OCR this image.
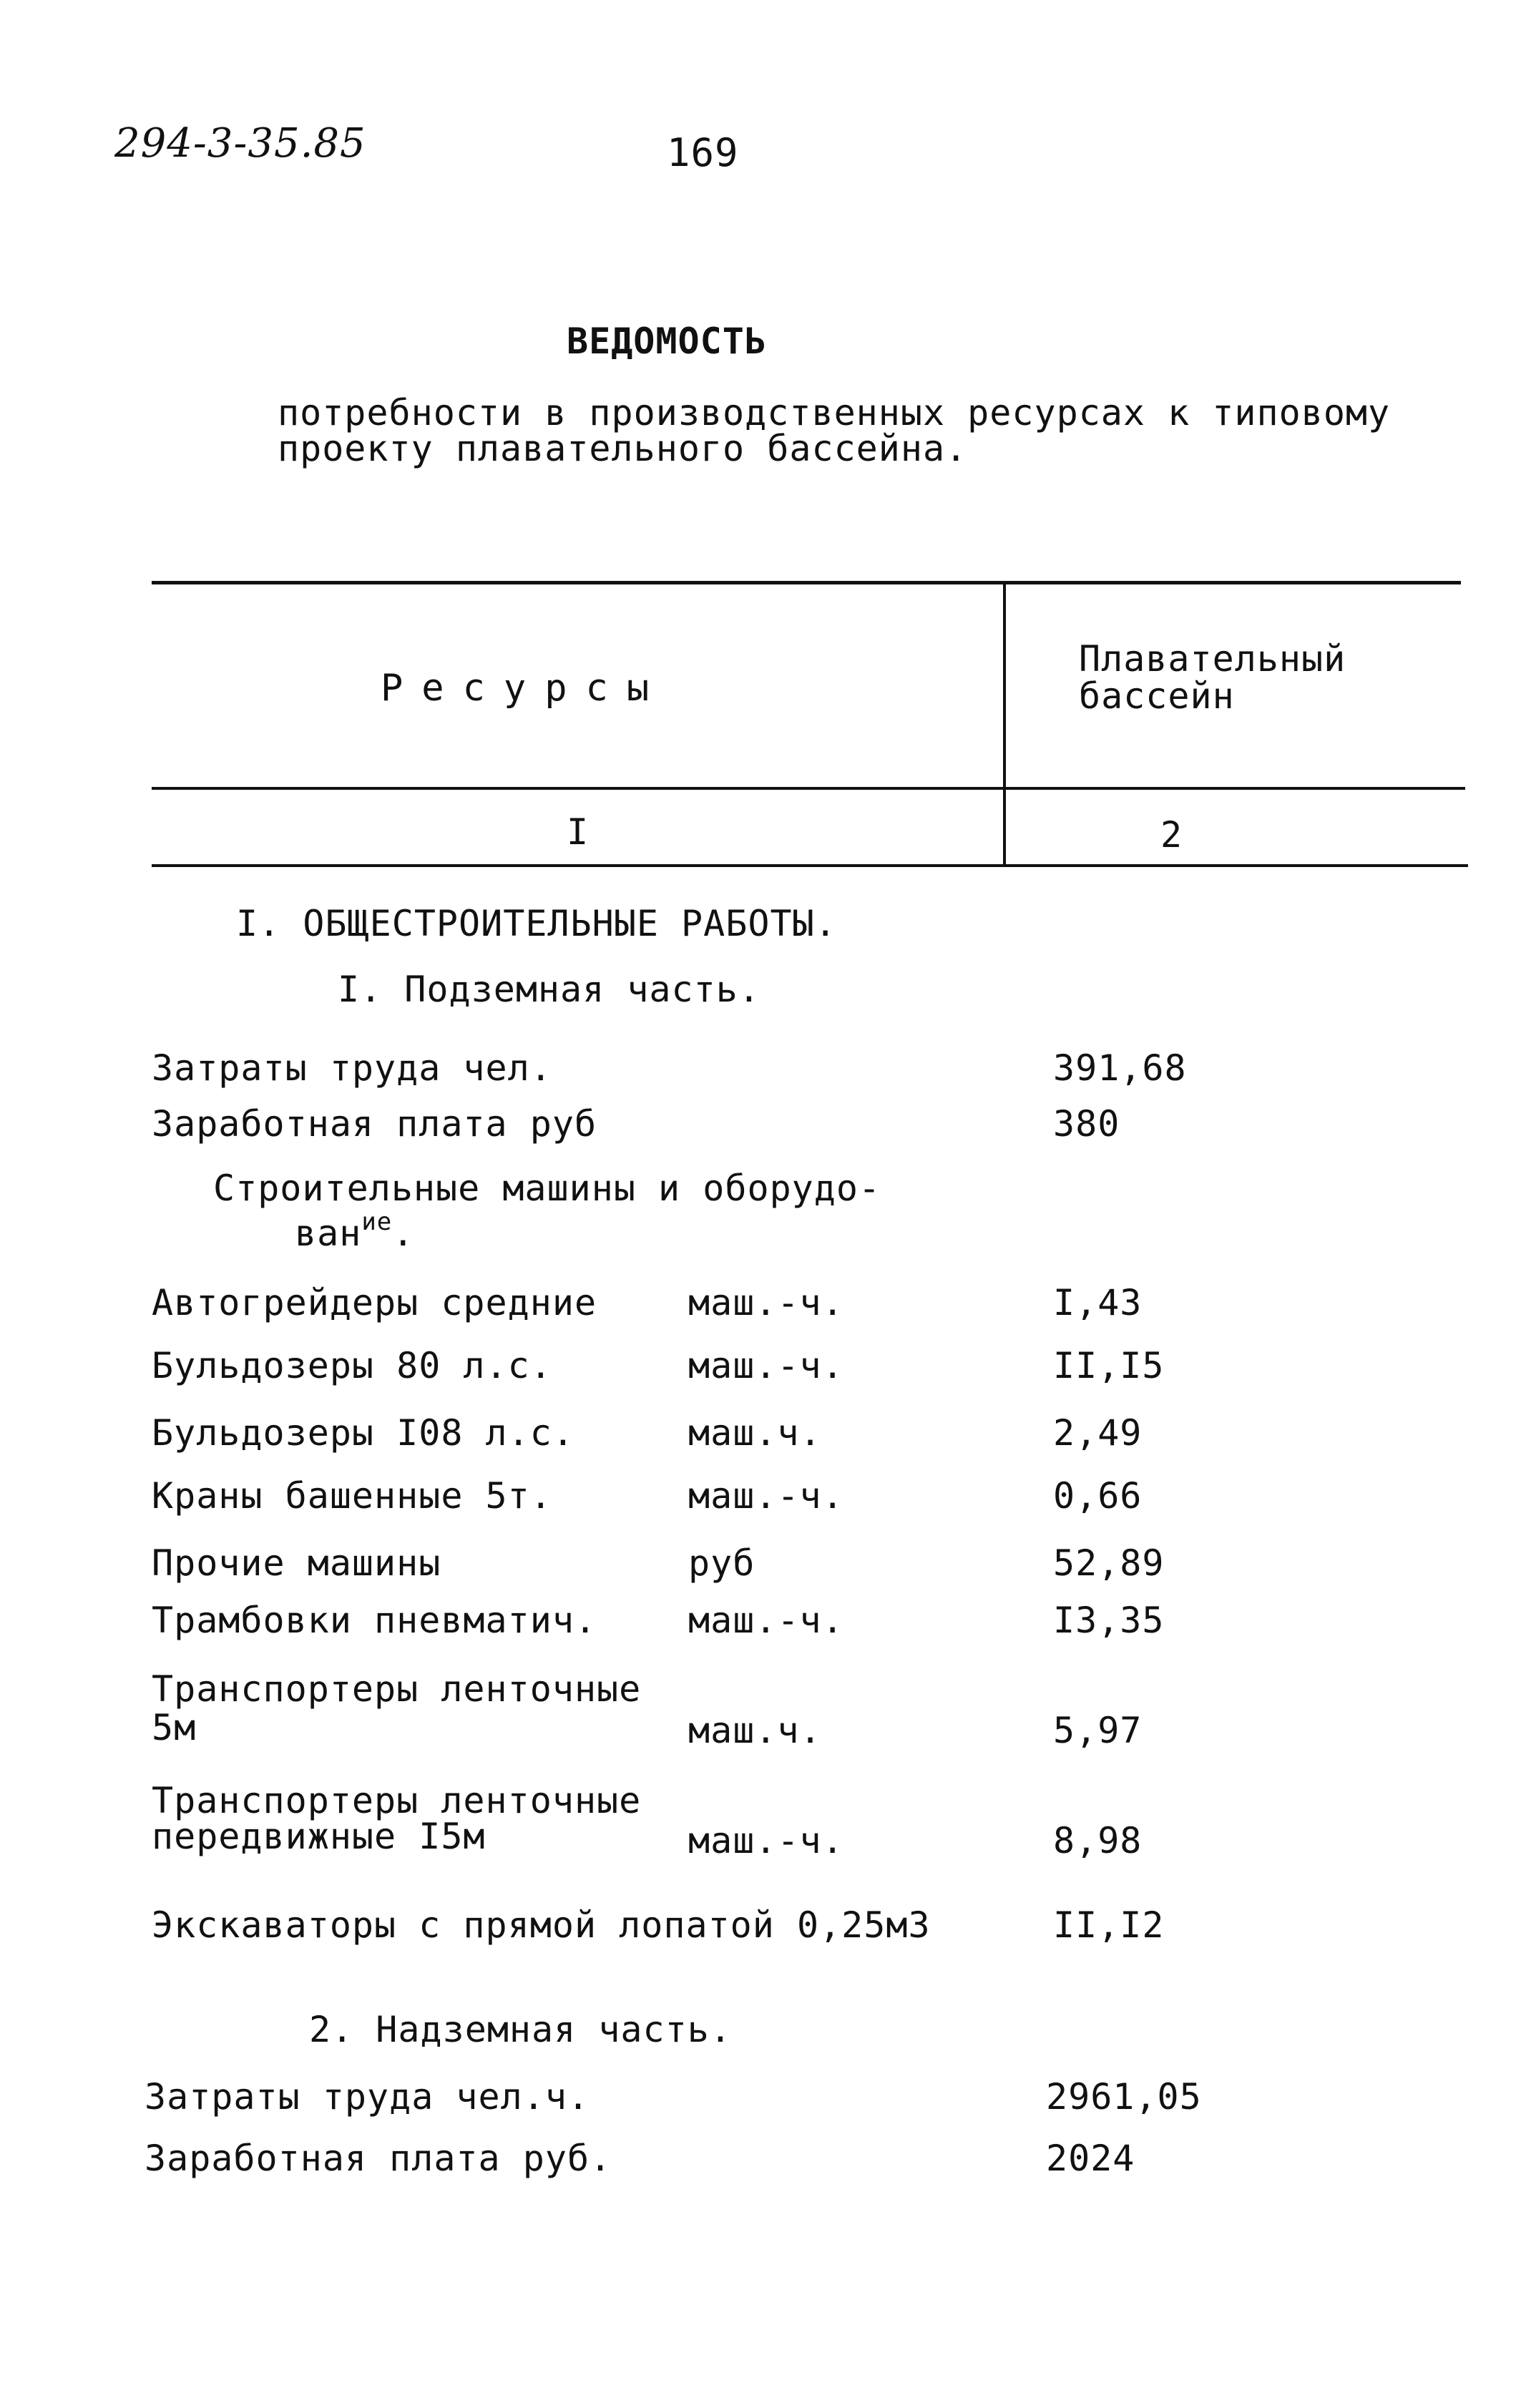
294-3-35.85	169
ВЕДОМОСТЬ
потребности в производственных ресурсах к типовому
проекту плавательного бассейна.
Ресурсы
Плавательный
бассейн
I	2
I. ОБЩЕСТРОИТЕЛЬНЫЕ РАБОТЫ.
I. Подземная часть.
Затраты труда чел.	391,68
Заработная плата руб	380
Строительные машины и оборудо-
ван$^{ие}$.
Автогрейдеры средние	маш.-ч.	I,43
Бульдозеры 80 л.с.	маш.-ч.	II,I5
Бульдозеры I08 л.с.	маш.ч.	2,49
Краны башенные 5т.	маш.-ч.	0,66
Прочие машины	руб	52,89
Трамбовки пневматич.	маш.-ч.	I3,35
Транспортеры ленточные
5м	маш.ч.	5,97
Транспортеры ленточные
передвижные I5м	маш.-ч.	8,98
Экскаваторы с прямой лопатой 0,25м3	II,I2
2. Надземная часть.
Затраты труда чел.ч.	2961,05
Заработная плата руб.	2024
